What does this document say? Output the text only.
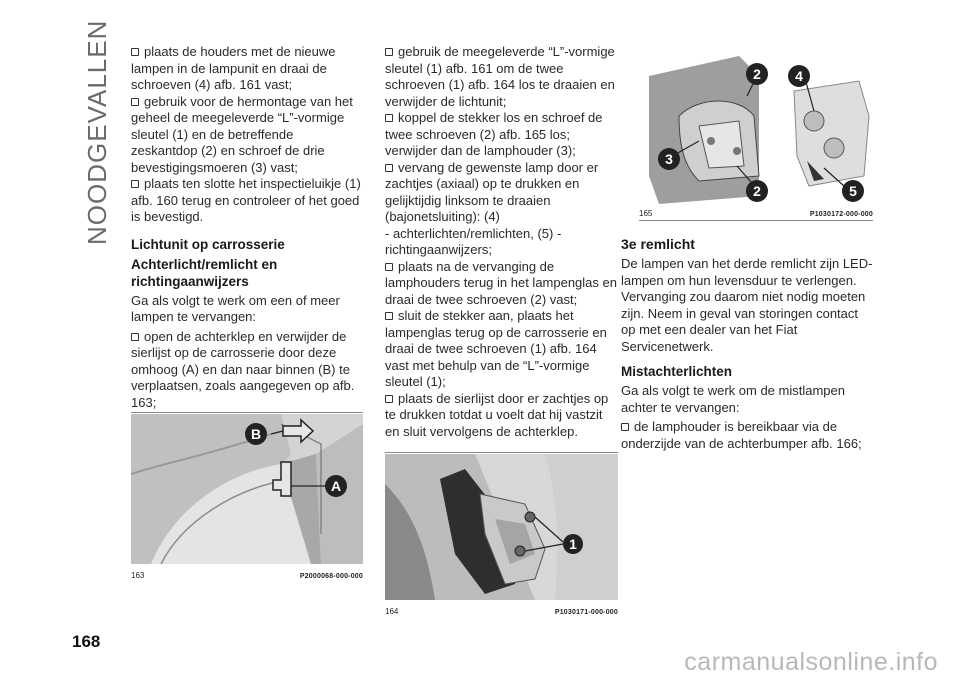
NOODGEVALLEN
168

plaats de houders met de nieuwe lampen in de lampunit en draai de schroeven (4) afb. 161 vast;

gebruik voor de hermontage van het geheel de meegeleverde “L”-vormige sleutel (1) en de betreffende zeskantdop (2) en schroef de drie bevestigingsmoeren (3) vast;

plaats ten slotte het inspectieluikje (1) afb. 160 terug en controleer of het goed is bevestigd.

Lichtunit op carrosserie

Achterlicht/remlicht en richtingaanwijzers

Ga als volgt te werk om een of meer lampen te vervangen:

open de achterklep en verwijder de sierlijst op de carrosserie door deze omhoog (A) en dan naar binnen (B) te verplaatsen, zoals aangegeven op afb. 163;

B
A
163	P2000068-000-000

gebruik de meegeleverde “L”-vormige sleutel (1) afb. 161 om de twee schroeven (1) afb. 164 los te draaien en verwijder de lichtunit;

koppel de stekker los en schroef de twee schroeven (2) afb. 165 los; verwijder dan de lamphouder (3);

vervang de gewenste lamp door er zachtjes (axiaal) op te drukken en gelijktijdig linksom te draaien (bajonetsluiting): (4)

- achterlichten/remlichten, (5) - richtingaanwijzers;

plaats na de vervanging de lamphouders terug in het lampenglas en draai de twee schroeven (2) vast;

sluit de stekker aan, plaats het lampenglas terug op de carrosserie en draai de twee schroeven (1) afb. 164 vast met behulp van de “L”-vormige sleutel (1);

plaats de sierlijst door er zachtjes op te drukken totdat u voelt dat hij vastzit en sluit vervolgens de achterklep.

1
164	P1030171-000-000
2 4
3
2	5
165	P1030172-000-000

3e remlicht

De lampen van het derde remlicht zijn LED-lampen om hun levensduur te verlengen. Vervanging zou daarom niet nodig moeten zijn. Neem in geval van storingen contact op met een dealer van het Fiat Servicenetwerk.

Mistachterlichten

Ga als volgt te werk om de mistlampen achter te vervangen:

de lamphouder is bereikbaar via de onderzijde van de achterbumper afb. 166;

carmanualsonline.info
